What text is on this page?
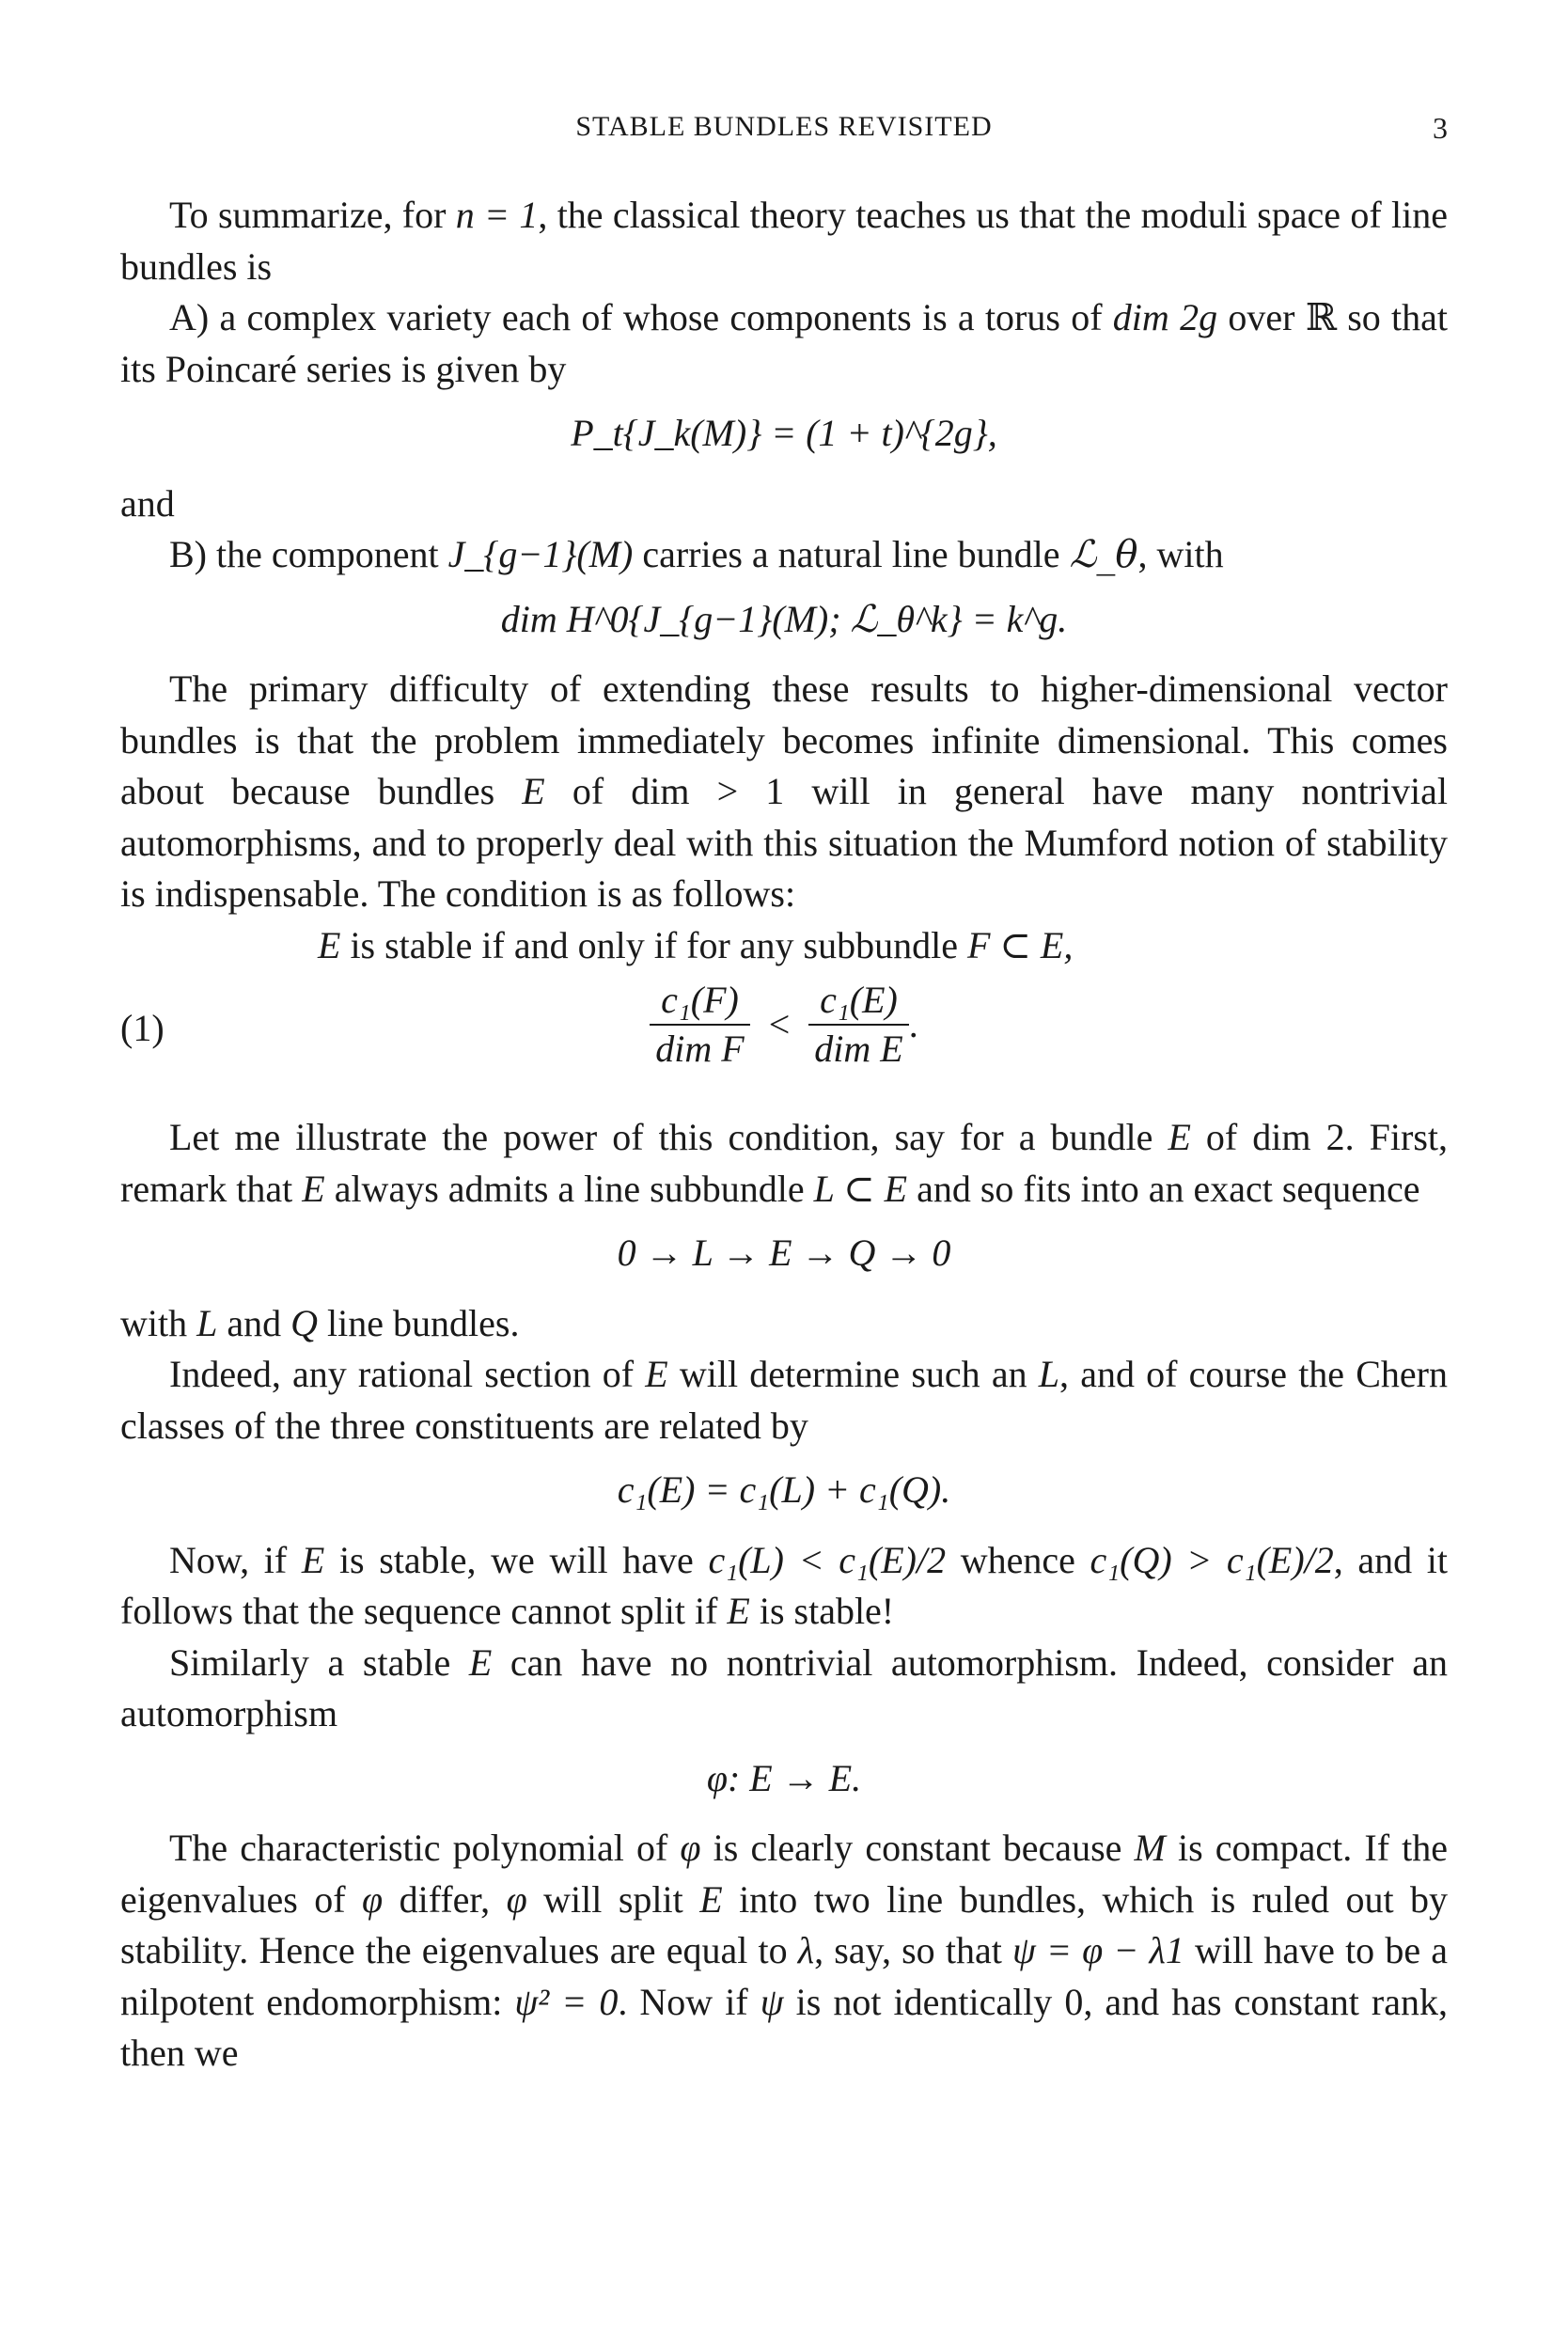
STABLE BUNDLES REVISITED	3

To summarize, for n = 1, the classical theory teaches us that the moduli space of line bundles is

A) a complex variety each of whose components is a torus of dim 2g over ℝ so that its Poincaré series is given by

P_t{J_k(M)} = (1 + t)^{2g},

and

B) the component J_{g−1}(M) carries a natural line bundle ℒ_θ, with

dim H^0{J_{g−1}(M); ℒ_θ^k} = k^g.

The primary difficulty of extending these results to higher-dimensional vector bundles is that the problem immediately becomes infinite dimensional. This comes about because bundles E of dim > 1 will in general have many nontrivial automorphisms, and to properly deal with this situation the Mumford notion of stability is indispensable. The condition is as follows:

E is stable if and only if for any subbundle F ⊂ E,

(1)	$\frac{\text{c₁(F)}}{\text{dim F}} < \frac{\text{c₁(E)}}{\text{dim E}}$ .

Let me illustrate the power of this condition, say for a bundle E of dim 2. First, remark that E always admits a line subbundle L ⊂ E and so fits into an exact sequence

0 → L → E → Q → 0

with L and Q line bundles.

Indeed, any rational section of E will determine such an L, and of course the Chern classes of the three constituents are related by

c₁(E) = c₁(L) + c₁(Q).

Now, if E is stable, we will have c₁(L) < c₁(E)/2 whence c₁(Q) > c₁(E)/2, and it follows that the sequence cannot split if E is stable!

Similarly a stable E can have no nontrivial automorphism. Indeed, consider an automorphism

φ: E → E.

The characteristic polynomial of φ is clearly constant because M is compact. If the eigenvalues of φ differ, φ will split E into two line bundles, which is ruled out by stability. Hence the eigenvalues are equal to λ, say, so that ψ = φ − λ1 will have to be a nilpotent endomorphism: ψ² = 0. Now if ψ is not identically 0, and has constant rank, then we
